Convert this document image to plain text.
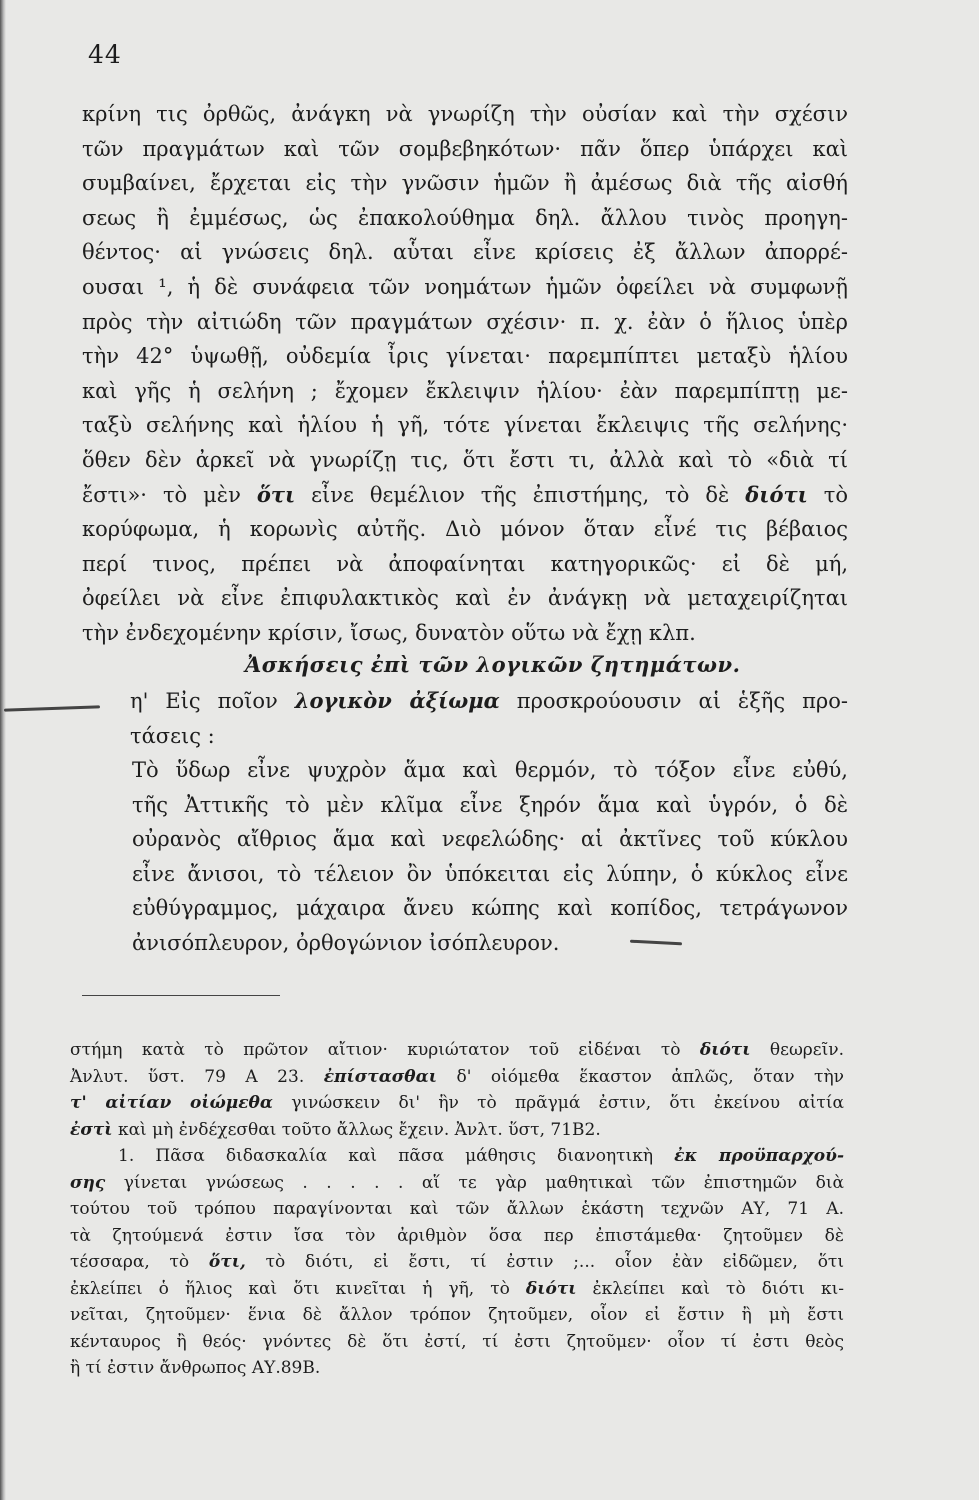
44
κρίνη τις ὀρθῶς, ἀνάγκη νὰ γνωρίζη τὴν οὐσίαν καὶ τὴν σχέσιν
τῶν πραγμάτων καὶ τῶν σομβεβηκότων· πᾶν ὅπερ ὑπάρχει καὶ
συμβαίνει, ἔρχεται εἰς τὴν γνῶσιν ἡμῶν ἢ ἀμέσως διὰ τῆς αἰσθή
σεως ἢ ἐμμέσως, ὡς ἐπακολούθημα δηλ. ἄλλου τινὸς προηγη-
θέντος· αἱ γνώσεις δηλ. αὗται εἶνε κρίσεις ἐξ ἄλλων ἀπορρέ-
ουσαι ¹, ἡ δὲ συνάφεια τῶν νοημάτων ἡμῶν ὀφείλει νὰ συμφωνῇ
πρὸς τὴν αἰτιώδη τῶν πραγμάτων σχέσιν· π. χ. ἐὰν ὁ ἥλιος ὑπὲρ
τὴν 42° ὑψωθῇ, οὐδεμία ἶρις γίνεται· παρεμπίπτει μεταξὺ ἡλίου
καὶ γῆς ἡ σελήνη ; ἔχομεν ἔκλειψιν ἡλίου· ἐὰν παρεμπίπτῃ με-
ταξὺ σελήνης καὶ ἡλίου ἡ γῆ, τότε γίνεται ἔκλειψις τῆς σελήνης·
ὅθεν δὲν ἀρκεῖ νὰ γνωρίζῃ τις, ὅτι ἔστι τι, ἀλλὰ καὶ τὸ «διὰ τί
ἔστι»· τὸ μὲν ὅτι εἶνε θεμέλιον τῆς ἐπιστήμης, τὸ δὲ διότι τὸ
κορύφωμα, ἡ κορωνὶς αὐτῆς. Διὸ μόνον ὅταν εἶνέ τις βέβαιος
περί τινος, πρέπει νὰ ἀποφαίνηται κατηγορικῶς· εἰ δὲ μή,
ὀφείλει νὰ εἶνε ἐπιφυλακτικὸς καὶ ἐν ἀνάγκῃ νὰ μεταχειρίζηται
τὴν ἐνδεχομένην κρίσιν, ἴσως, δυνατὸν οὕτω νὰ ἔχῃ κλπ.
Ἀσκήσεις ἐπὶ τῶν λογικῶν ζητημάτων.
η' Εἰς ποῖον λογικὸν ἀξίωμα προσκρούουσιν αἱ ἑξῆς προ-
τάσεις :
Τὸ ὕδωρ εἶνε ψυχρὸν ἅμα καὶ θερμόν, τὸ τόξον εἶνε εὐθύ,
τῆς Ἀττικῆς τὸ μὲν κλῖμα εἶνε ξηρόν ἅμα καὶ ὑγρόν, ὁ δὲ
οὐρανὸς αἴθριος ἅμα καὶ νεφελώδης· αἱ ἀκτῖνες τοῦ κύκλου
εἶνε ἄνισοι, τὸ τέλειον ὂν ὑπόκειται εἰς λύπην, ὁ κύκλος εἶνε
εὐθύγραμμος, μάχαιρα ἄνευ κώπης καὶ κοπίδος, τετράγωνον
ἀνισόπλευρον, ὀρθογώνιον ἰσόπλευρον.
στήμη κατὰ τὸ πρῶτον αἴτιον· κυριώτατον τοῦ εἰδέναι τὸ διότι θεωρεῖν.
Ἀνλυτ. ὕστ. 79 Α 23. ἐπίστασθαι δ' οἰόμεθα ἕκαστον ἁπλῶς, ὅταν τὴν
τ' αἰτίαν οἰώμεθα γινώσκειν δι' ἣν τὸ πρᾶγμά ἐστιν, ὅτι ἐκείνου αἰτία
ἐστὶ καὶ μὴ ἐνδέχεσθαι τοῦτο ἄλλως ἔχειν. Ἀνλτ. ὕστ, 71Β2.
1. Πᾶσα διδασκαλία καὶ πᾶσα μάθησις διανοητικὴ ἐκ προϋπαρχού-
σης γίνεται γνώσεως . . . . . αἵ τε γὰρ μαθητικαὶ τῶν ἐπιστημῶν διὰ
τούτου τοῦ τρόπου παραγίνονται καὶ τῶν ἄλλων ἑκάστη τεχνῶν ΑΥ, 71 Α.
τὰ ζητούμενά ἐστιν ἴσα τὸν ἀριθμὸν ὅσα περ ἐπιστάμεθα· ζητοῦμεν δὲ
τέσσαρα, τὸ ὅτι, τὸ διότι, εἰ ἔστι, τί ἐστιν ;... οἷον ἐὰν εἰδῶμεν, ὅτι
ἐκλείπει ὁ ἥλιος καὶ ὅτι κινεῖται ἡ γῆ, τὸ διότι ἐκλείπει καὶ τὸ διότι κι-
νεῖται, ζητοῦμεν· ἕνια δὲ ἄλλον τρόπον ζητοῦμεν, οἷον εἰ ἔστιν ἢ μὴ ἔστι
κένταυρος ἢ θεός· γνόντες δὲ ὅτι ἐστί, τί ἐστι ζητοῦμεν· οἷον τί ἐστι θεὸς
ἢ τί ἐστιν ἄνθρωπος ΑΥ.89Β.
